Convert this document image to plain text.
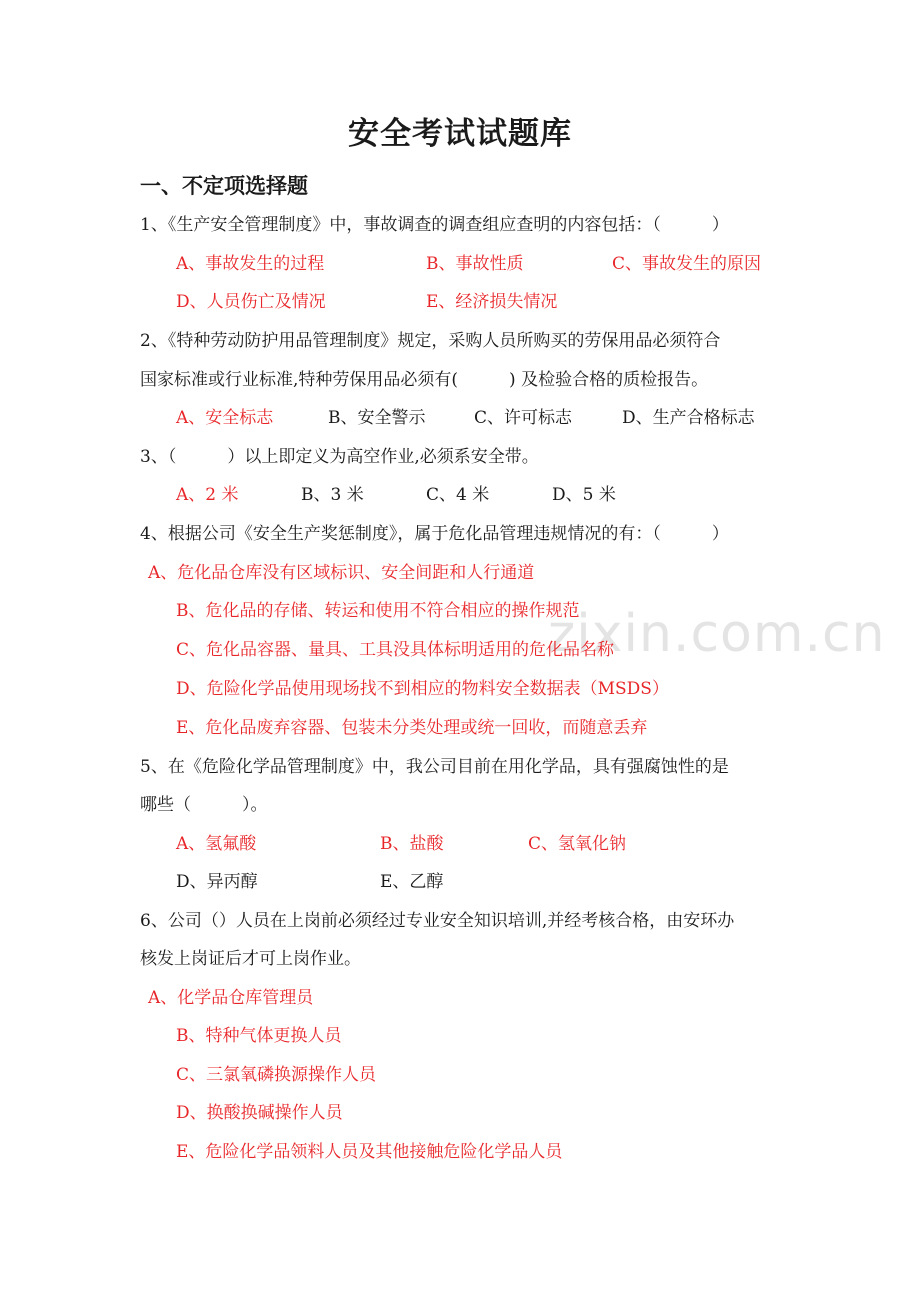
zixin.com.cn
安全考试试题库
一、不定项选择题
1、《生产安全管理制度》中，事故调查的调查组应查明的内容包括：（　　　）
A、事故发生的过程	B、事故性质	C、事故发生的原因
D、人员伤亡及情况	E、经济损失情况
2、《特种劳动防护用品管理制度》规定，采购人员所购买的劳保用品必须符合
国家标准或行业标准,特种劳保用品必须有(　　　) 及检验合格的质检报告。
A、安全标志	B、安全警示	C、许可标志	D、生产合格标志
3、（　　　）以上即定义为高空作业,必须系安全带。
A、2 米	B、3 米	C、4 米	D、5 米
4、根据公司《安全生产奖惩制度》，属于危化品管理违规情况的有：（　　　）
A、危化品仓库没有区域标识、安全间距和人行通道
B、危化品的存储、转运和使用不符合相应的操作规范
C、危化品容器、量具、工具没具体标明适用的危化品名称
D、危险化学品使用现场找不到相应的物料安全数据表（MSDS）
E、危化品废弃容器、包装未分类处理或统一回收，而随意丢弃
5、在《危险化学品管理制度》中，我公司目前在用化学品，具有强腐蚀性的是
哪些（　　　）。
A、氢氟酸	B、盐酸	C、氢氧化钠
D、异丙醇	E、乙醇
6、公司（）人员在上岗前必须经过专业安全知识培训,并经考核合格，由安环办
核发上岗证后才可上岗作业。
A、化学品仓库管理员
B、特种气体更换人员
C、三氯氧磷换源操作人员
D、换酸换碱操作人员
E、危险化学品领料人员及其他接触危险化学品人员
